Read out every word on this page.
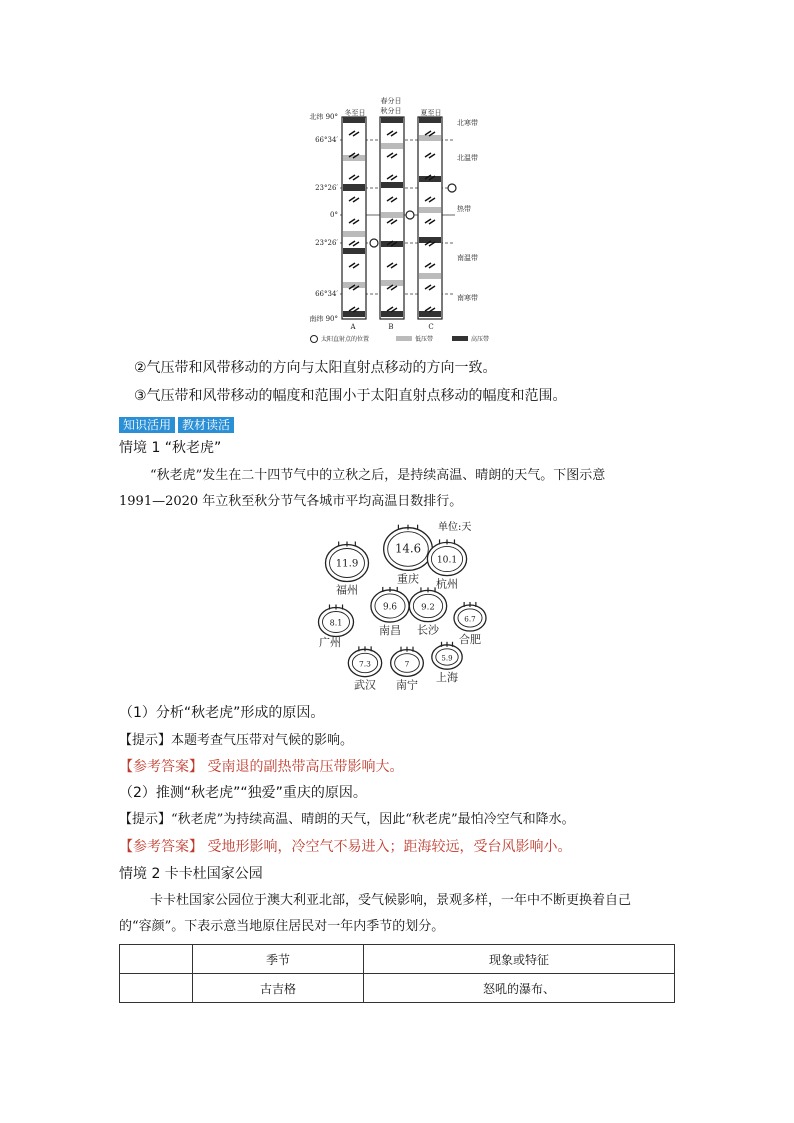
冬至日
春分日
秋分日	夏至日
北纬 90°
66°34′
23°26′
0°
23°26′
66°34′
南纬 90°
A	B	C
北寒带
北温带
热带
南温带
南寒带
太阳直射点的位置	低压带	高压带
②气压带和风带移动的方向与太阳直射点移动的方向一致。
③气压带和风带移动的幅度和范围小于太阳直射点移动的幅度和范围。
知识活用 教材读活
情境 1 “秋老虎”
“秋老虎”发生在二十四节气中的立秋之后，是持续高温、晴朗的天气。下图示意
1991—2020 年立秋至秋分节气各城市平均高温日数排行。
单位:天
14.6
重庆
11.9
福州
10.1
杭州
9.6
南昌
9.2
长沙
8.1
广州
6.7
合肥
7.3
武汉
7
南宁
5.9
上海
（1）分析“秋老虎”形成的原因。
【提示】本题考查气压带对气候的影响。
【参考答案】 受南退的副热带高压带影响大。
（2）推测“秋老虎”“独爱”重庆的原因。
【提示】“秋老虎”为持续高温、晴朗的天气，因此“秋老虎”最怕冷空气和降水。
【参考答案】 受地形影响，冷空气不易进入；距海较远，受台风影响小。
情境 2 卡卡杜国家公园
卡卡杜国家公园位于澳大利亚北部，受气候影响，景观多样，一年中不断更换着自己
的“容颜”。下表示意当地原住居民对一年内季节的划分。
	季节	现象或特征
	古吉格	怒吼的瀑布、
